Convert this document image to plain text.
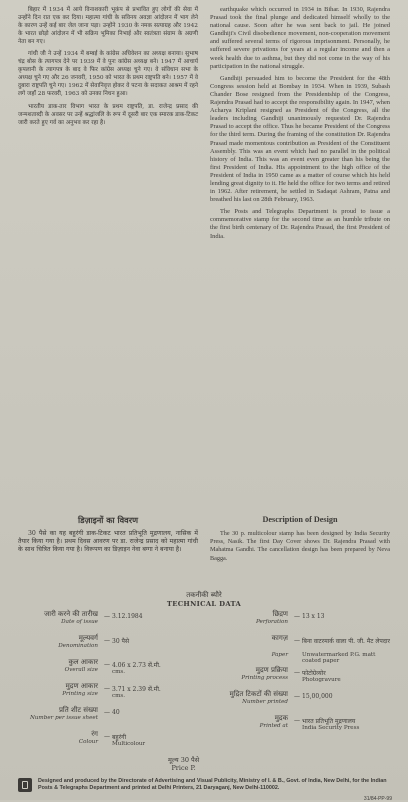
बिहार में 1934 में आये विनाशकारी भूकंप से प्रभावित हुए लोगों की सेवा में उन्होंने दिन रात एक कर दिया। महात्मा गांधी के सविनय अवज्ञा आंदोलन में भाग लेने के कारण उन्हें कई बार जेल जाना पड़ा। उन्होंने 1930 के नमक सत्याग्रह और 1942 के भारत छोड़ो आंदोलन में भी सक्रिय भूमिका निभाई और स्वतंत्रता संग्राम के अग्रणी नेता बन गए।

गांधी जी ने उन्हें 1934 में बम्बई के कांग्रेस अधिवेशन का अध्यक्ष बनाया। सुभाष चंद्र बोस के त्यागपत्र देने पर 1939 में वे पुनः कांग्रेस अध्यक्ष बने। 1947 में आचार्य कृपलानी के त्यागपत्र के बाद वे फिर कांग्रेस अध्यक्ष चुने गए। वे संविधान सभा के अध्यक्ष चुने गए और 26 जनवरी, 1950 को भारत के प्रथम राष्ट्रपति बने। 1957 में वे दुबारा राष्ट्रपति चुने गए। 1962 में सेवानिवृत्त होकर वे पटना के सदाकत आश्रम में रहने लगे जहाँ 28 फरवरी, 1963 को उनका निधन हुआ।

भारतीय डाक-तार विभाग भारत के प्रथम राष्ट्रपति, डा. राजेन्द्र प्रसाद की जन्मशताब्दी के अवसर पर उन्हें श्रद्धांजलि के रूप में दूसरी बार एक स्मारक डाक-टिकट जारी करते हुए गर्व का अनुभव कर रहा है।

earthquake which occurred in 1934 in Bihar. In 1930, Rajendra Prasad took the final plunge and dedicated himself wholly to the national cause. Soon after he was sent back to jail. He joined Gandhiji's Civil disobedience movement, non-cooperation movement and suffered several terms of rigorous imprisonment. Personally, he suffered severe privations for years at a regular income and then a week health due to asthma, but they did not come in the way of his participation in the national struggle.

Gandhiji persuaded him to become the President for the 48th Congress session held at Bombay in 1934. When in 1939, Subash Chander Bose resigned from the Presidentship of the Congress, Rajendra Prasad had to accept the responsibility again. In 1947, when Acharya Kriplani resigned as President of the Congress, all the leaders including Gandhiji unanimously requested Dr. Rajendra Prasad to accept the office. Thus he became President of the Congress for the third term. During the framing of the constitution Dr. Rajendra Prasad made momentous contribution as President of the Constituent Assembly. This was an event which had no parallel in the political history of India. This was an event even greater than his being the first President of India. His appointment to the high office of the President of India in 1950 came as a matter of course which his held lending great dignity to it. He held the office for two terms and retired in 1962. After retirement, he settled in Sadaqat Ashram, Patna and breathed his last on 28th February, 1963.

The Posts and Telegraphs Department is proud to issue a commemorative stamp for the second time as an humble tribute on the first birth centenary of Dr. Rajendra Prasad, the first President of India.

डिज़ाइनों का विवरण	Description of Design

30 पैसे का यह बहुरंगी डाक-टिकट भारत प्रतिभूति मुद्रणालय, नासिक में तैयार किया गया है। प्रथम दिवस आवरण पर डा. राजेन्द्र प्रसाद को महात्मा गांधी के साथ चित्रित किया गया है। विरूपण का डिज़ाइन नेवा बग्गा ने बनाया है।

The 30 p. multicolour stamp has been designed by India Security Press, Nasik. The first Day Cover shows Dr. Rajendra Prasad with Mahatma Gandhi. The cancellation design has been prepared by Neva Bagga.

तकनीकी ब्यौरे
TECHNICAL DATA
जारी करने की तारीख
Date of issue
— 3.12.1984
मूल्यवर्ग
Denomination
— 30 पैसे
कुल आकार
Overall size
— 4.06 x 2.73 सें.मी.
cms.
मुद्रण आकार
Printing size
— 3.71 x 2.39 सें.मी.
cms.
प्रति शीट संख्या
Number per issue sheet
— 40
रंग
Colour
— बहुरंगी
Multicolour
छिद्रण
Perforation
— 13 x 13
कागज़
Paper
— बिना वाटरमार्क वाला पी. जी. मैट लेपदार
Unwatermarked P.G. matt coated paper
मुद्रण प्रक्रिया
Printing process
— फोटोग्रेव्योर
Photogravure
मुद्रित टिकटों की संख्या
Number printed
— 15,00,000
मुद्रक
Printed at
— भारत प्रतिभूति मुद्रणालय
India Security Press
मूल्य 30 पैसे
Price P.
Designed and produced by the Directorate of Advertising and Visual Publicity, Ministry of I. & B., Govt. of India, New Delhi, for the Indian Posts & Telegraphs Department and printed at Delhi Printers, 21 Daryaganj, New Delhi-110002.
31/84-PP-99
